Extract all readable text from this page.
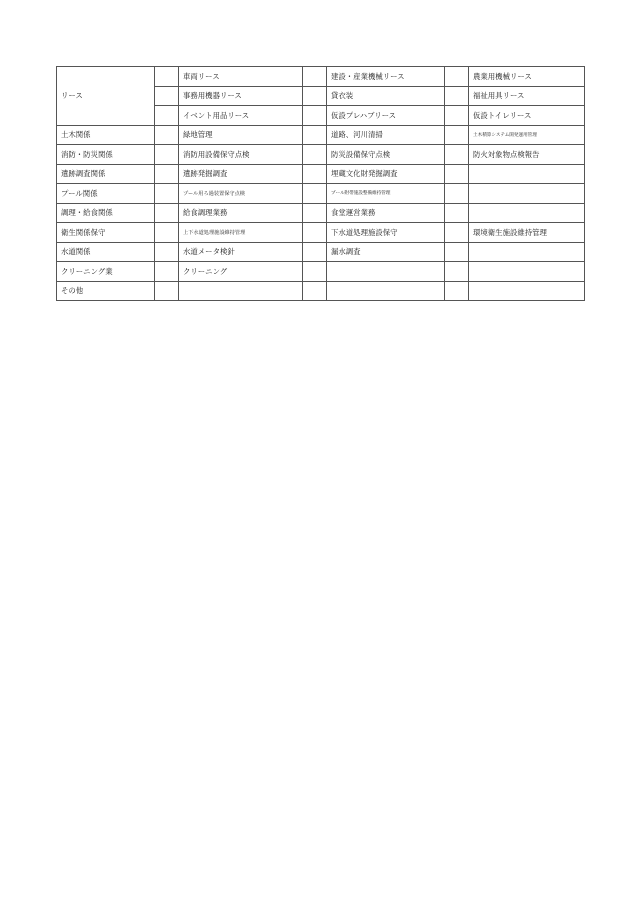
リース		車両リース		建設・産業機械リース		農業用機械リース
		事務用機器リース		貸衣装		福祉用具リース
		イベント用品リース		仮設プレハブリース		仮設トイレリース
土木関係		緑地管理		道路、河川清掃		土木積算システム開発運用管理
消防・防災関係		消防用設備保守点検		防災設備保守点検		防火対象物点検報告
遺跡調査関係		遺跡発掘調査		埋蔵文化財発掘調査		
プール関係		プール用ろ過装置保守点検		プール附帯施設整備維持管理		
調理・給食関係		給食調理業務		食堂運営業務		
衛生関係保守		上下水道処理施設維持管理		下水道処理施設保守		環境衛生施設維持管理
水道関係		水道メータ検針		漏水調査		
クリーニング業		クリーニング				
その他						
